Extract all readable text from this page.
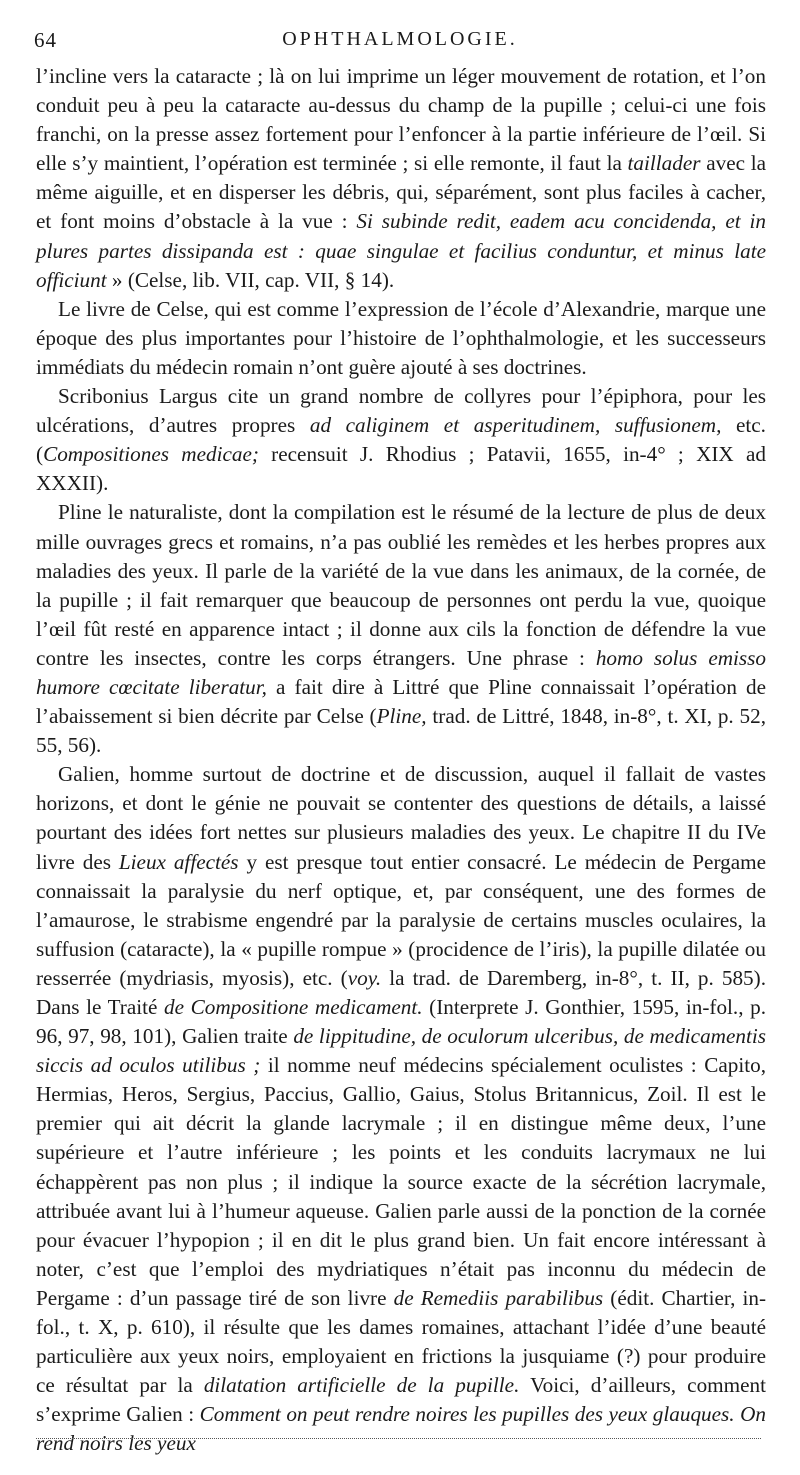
64	OPHTHALMOLOGIE.

l’incline vers la cataracte ; là on lui imprime un léger mouvement de rotation, et l’on conduit peu à peu la cataracte au-dessus du champ de la pupille ; celui-ci une fois franchi, on la presse assez fortement pour l’enfoncer à la partie inférieure de l’œil. Si elle s’y maintient, l’opération est terminée ; si elle remonte, il faut la taillader avec la même aiguille, et en disperser les débris, qui, séparément, sont plus faciles à cacher, et font moins d’obstacle à la vue : Si subinde redit, eadem acu concidenda, et in plures partes dissipanda est : quae singulae et facilius conduntur, et minus late officiunt » (Celse, lib. VII, cap. VII, § 14).

Le livre de Celse, qui est comme l’expression de l’école d’Alexandrie, marque une époque des plus importantes pour l’histoire de l’ophthalmologie, et les successeurs immédiats du médecin romain n’ont guère ajouté à ses doctrines.

Scribonius Largus cite un grand nombre de collyres pour l’épiphora, pour les ulcérations, d’autres propres ad caliginem et asperitudinem, suffusionem, etc. (Compositiones medicae; recensuit J. Rhodius ; Patavii, 1655, in-4° ; XIX ad XXXII).

Pline le naturaliste, dont la compilation est le résumé de la lecture de plus de deux mille ouvrages grecs et romains, n’a pas oublié les remèdes et les herbes propres aux maladies des yeux. Il parle de la variété de la vue dans les animaux, de la cornée, de la pupille ; il fait remarquer que beaucoup de personnes ont perdu la vue, quoique l’œil fût resté en apparence intact ; il donne aux cils la fonction de défendre la vue contre les insectes, contre les corps étrangers. Une phrase : homo solus emisso humore cœcitate liberatur, a fait dire à Littré que Pline connaissait l’opération de l’abaissement si bien décrite par Celse (Pline, trad. de Littré, 1848, in-8°, t. XI, p. 52, 55, 56).

Galien, homme surtout de doctrine et de discussion, auquel il fallait de vastes horizons, et dont le génie ne pouvait se contenter des questions de détails, a laissé pourtant des idées fort nettes sur plusieurs maladies des yeux. Le chapitre II du IVe livre des Lieux affectés y est presque tout entier consacré. Le médecin de Pergame connaissait la paralysie du nerf optique, et, par conséquent, une des formes de l’amaurose, le strabisme engendré par la paralysie de certains muscles oculaires, la suffusion (cataracte), la « pupille rompue » (procidence de l’iris), la pupille dilatée ou resserrée (mydriasis, myosis), etc. (voy. la trad. de Daremberg, in-8°, t. II, p. 585). Dans le Traité de Compositione medicament. (Interprete J. Gonthier, 1595, in-fol., p. 96, 97, 98, 101), Galien traite de lippitudine, de oculorum ulceribus, de medicamentis siccis ad oculos utilibus ; il nomme neuf médecins spécialement oculistes : Capito, Hermias, Heros, Sergius, Paccius, Gallio, Gaius, Stolus Britannicus, Zoil. Il est le premier qui ait décrit la glande lacrymale ; il en distingue même deux, l’une supérieure et l’autre inférieure ; les points et les conduits lacrymaux ne lui échappèrent pas non plus ; il indique la source exacte de la sécrétion lacrymale, attribuée avant lui à l’humeur aqueuse. Galien parle aussi de la ponction de la cornée pour évacuer l’hypopion ; il en dit le plus grand bien. Un fait encore intéressant à noter, c’est que l’emploi des mydriatiques n’était pas inconnu du médecin de Pergame : d’un passage tiré de son livre de Remediis parabilibus (édit. Chartier, in-fol., t. X, p. 610), il résulte que les dames romaines, attachant l’idée d’une beauté particulière aux yeux noirs, employaient en frictions la jusquiame (?) pour produire ce résultat par la dilatation artificielle de la pupille. Voici, d’ailleurs, comment s’exprime Galien : Comment on peut rendre noires les pupilles des yeux glauques. On rend noirs les yeux
